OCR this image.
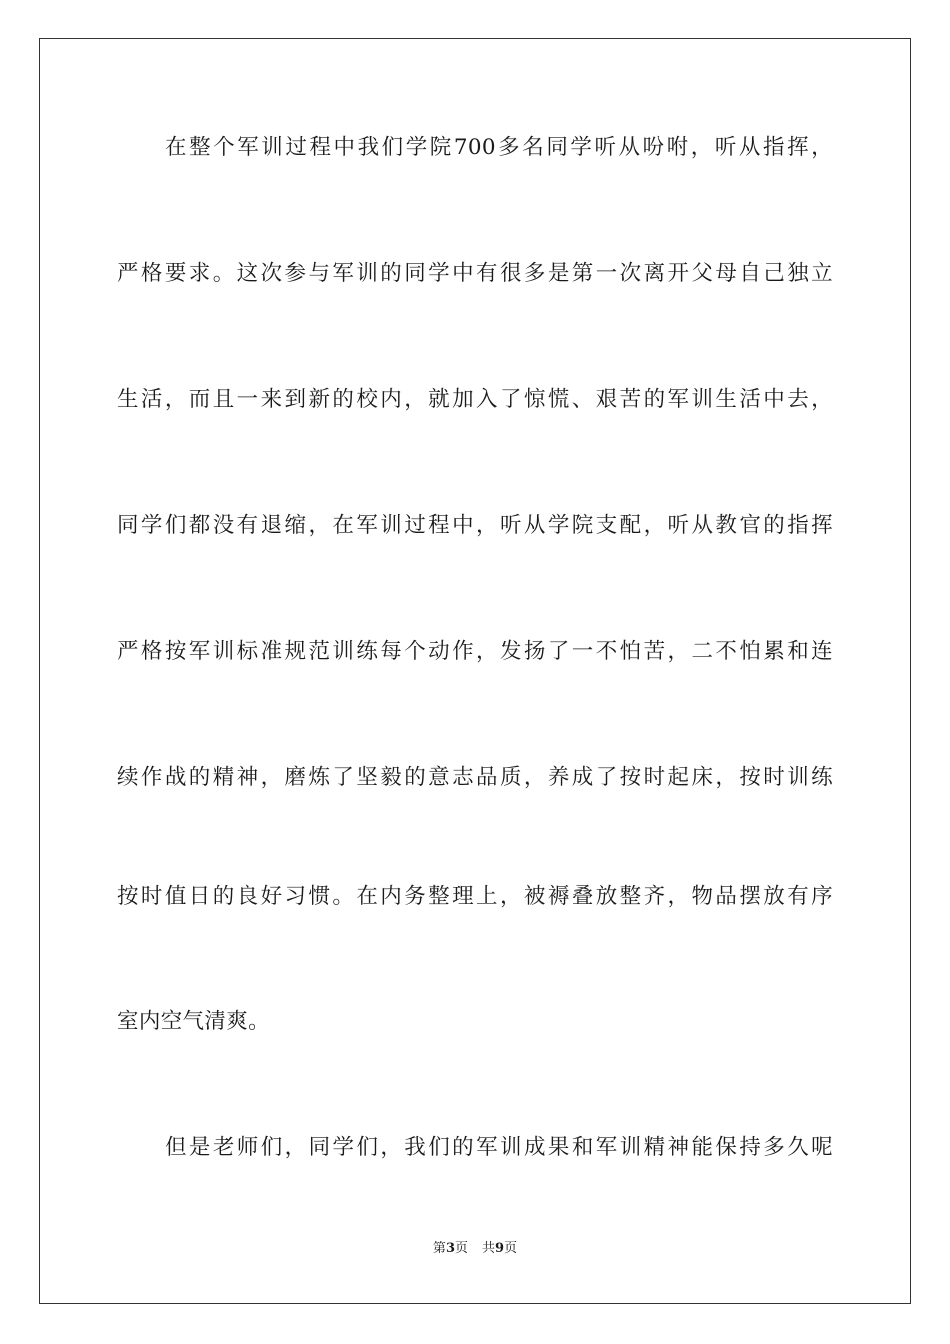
在整个军训过程中我们学院700多名同学听从吩咐，听从指挥，
严格要求。这次参与军训的同学中有很多是第一次离开父母自己独立
生活，而且一来到新的校内，就加入了惊慌、艰苦的军训生活中去，
同学们都没有退缩，在军训过程中，听从学院支配，听从教官的指挥
严格按军训标准规范训练每个动作，发扬了一不怕苦，二不怕累和连
续作战的精神，磨炼了坚毅的意志品质，养成了按时起床，按时训练
按时值日的良好习惯。在内务整理上，被褥叠放整齐，物品摆放有序
室内空气清爽。
但是老师们，同学们，我们的军训成果和军训精神能保持多久呢
第3页 共9页
